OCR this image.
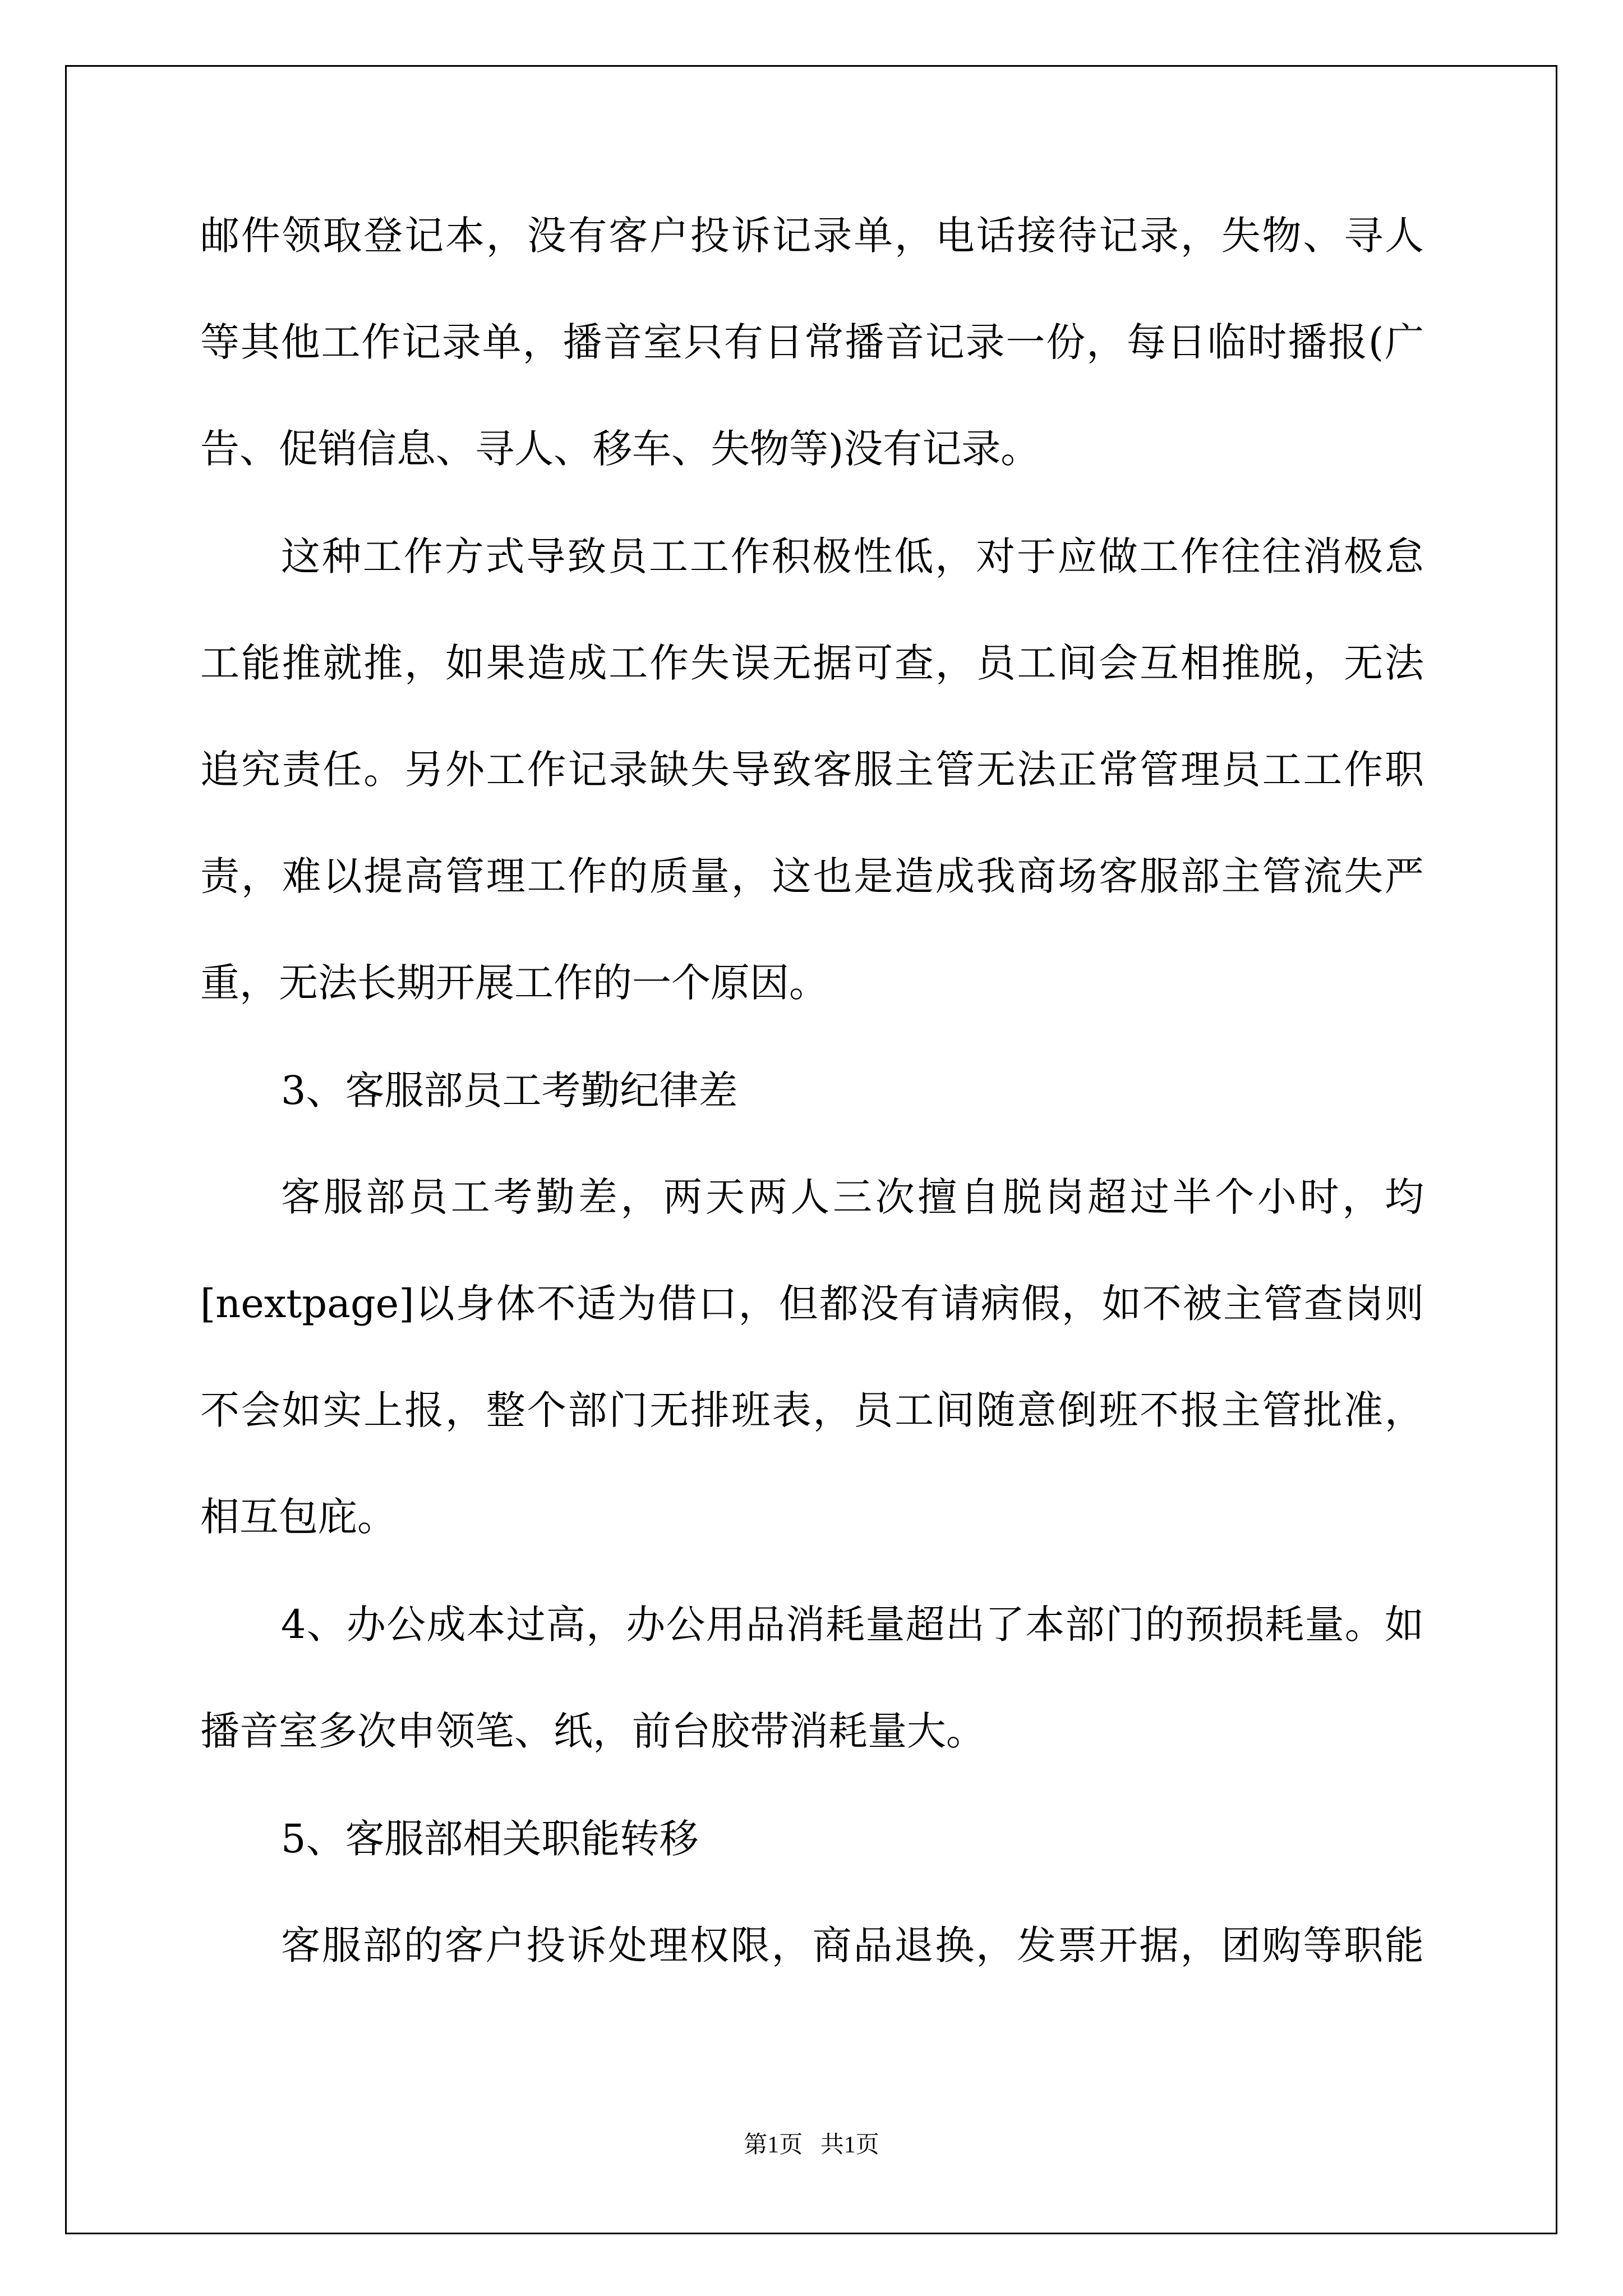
邮件领取登记本，没有客户投诉记录单，电话接待记录，失物、寻人
等其他工作记录单，播音室只有日常播音记录一份，每日临时播报(广
告、促销信息、寻人、移车、失物等)没有记录。
这种工作方式导致员工工作积极性低，对于应做工作往往消极怠
工能推就推，如果造成工作失误无据可查，员工间会互相推脱，无法
追究责任。另外工作记录缺失导致客服主管无法正常管理员工工作职
责，难以提高管理工作的质量，这也是造成我商场客服部主管流失严
重，无法长期开展工作的一个原因。
3、客服部员工考勤纪律差
客服部员工考勤差，两天两人三次擅自脱岗超过半个小时，均
[nextpage]以身体不适为借口，但都没有请病假，如不被主管查岗则
不会如实上报，整个部门无排班表，员工间随意倒班不报主管批准，
相互包庇。
4、办公成本过高，办公用品消耗量超出了本部门的预损耗量。如
播音室多次申领笔、纸，前台胶带消耗量大。
5、客服部相关职能转移
客服部的客户投诉处理权限，商品退换，发票开据，团购等职能
第1页   共1页
